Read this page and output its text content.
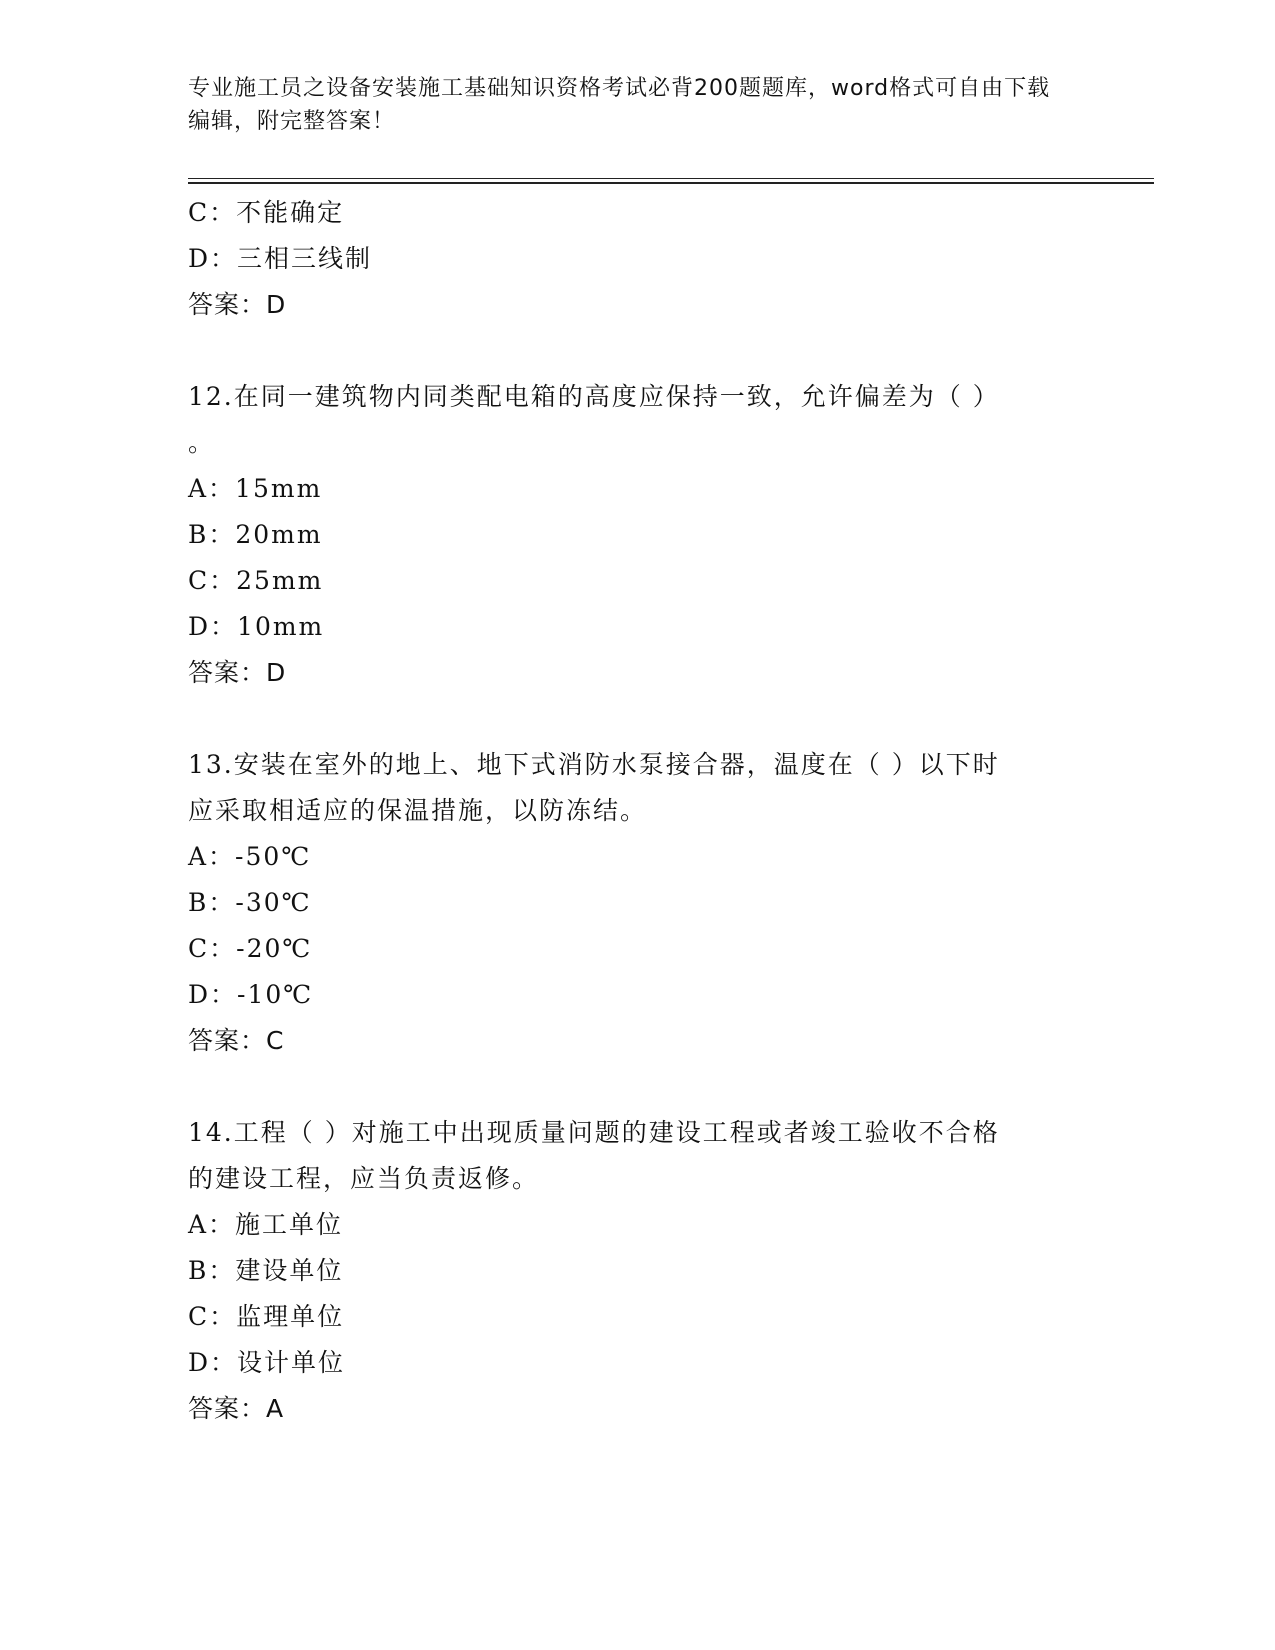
专业施工员之设备安装施工基础知识资格考试必背200题题库，word格式可自由下载编辑，附完整答案！
C：不能确定
D：三相三线制
答案：D
12.在同一建筑物内同类配电箱的高度应保持一致，允许偏差为（ ）
。
A：15mm
B：20mm
C：25mm
D：10mm
答案：D
13.安装在室外的地上、地下式消防水泵接合器，温度在（ ）以下时
应采取相适应的保温措施，以防冻结。
A：-50℃
B：-30℃
C：-20℃
D：-10℃
答案：C
14.工程（ ）对施工中出现质量问题的建设工程或者竣工验收不合格
的建设工程，应当负责返修。
A：施工单位
B：建设单位
C：监理单位
D：设计单位
答案：A
